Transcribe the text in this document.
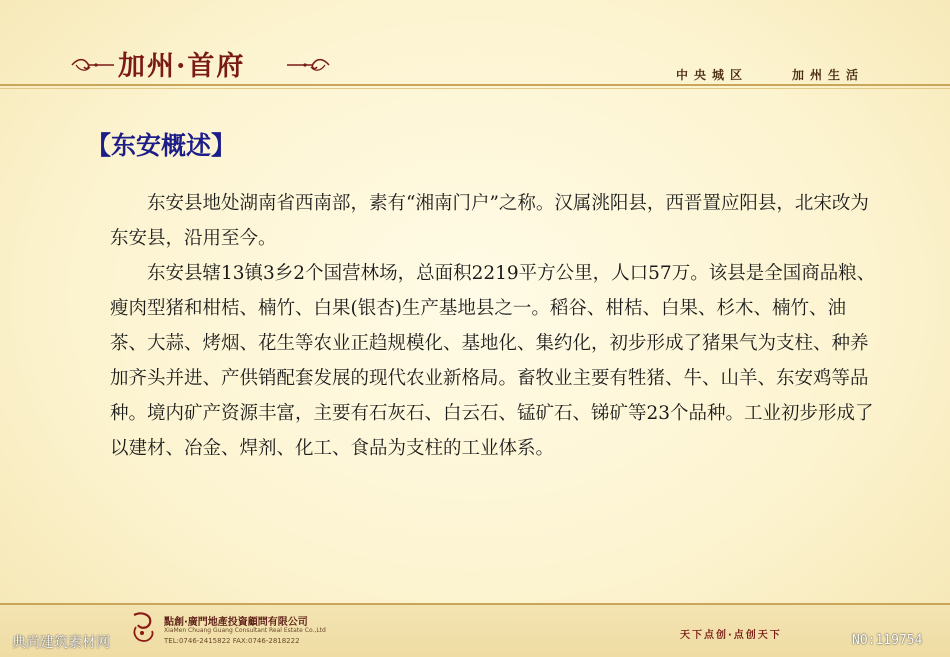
加州·首府	中央城区	加州生活
【东安概述】

东安县地处湖南省西南部，素有“湘南门户”之称。汉属洮阳县，西晋置应阳县，北宋改为东安县，沿用至今。

东安县辖13镇3乡2个国营林场，总面积2219平方公里，人口57万。该县是全国商品粮、瘦肉型猪和柑桔、楠竹、白果(银杏)生产基地县之一。稻谷、柑桔、白果、杉木、楠竹、油茶、大蒜、烤烟、花生等农业正趋规模化、基地化、集约化，初步形成了猪果气为支柱、种养加齐头并进、产供销配套发展的现代农业新格局。畜牧业主要有牲猪、牛、山羊、东安鸡等品种。境内矿产资源丰富，主要有石灰石、白云石、锰矿石、锑矿等23个品种。工业初步形成了以建材、冶金、焊剂、化工、食品为支柱的工业体系。

點創·廣門地產投資顧問有限公司
XiaMen Chuang Guang Consultant Real Estate Co.,Ltd
TEL:0746-2415822 FAX:0746-2818222	天下点创·点创天下
典尚建筑素材网	NO:119754
